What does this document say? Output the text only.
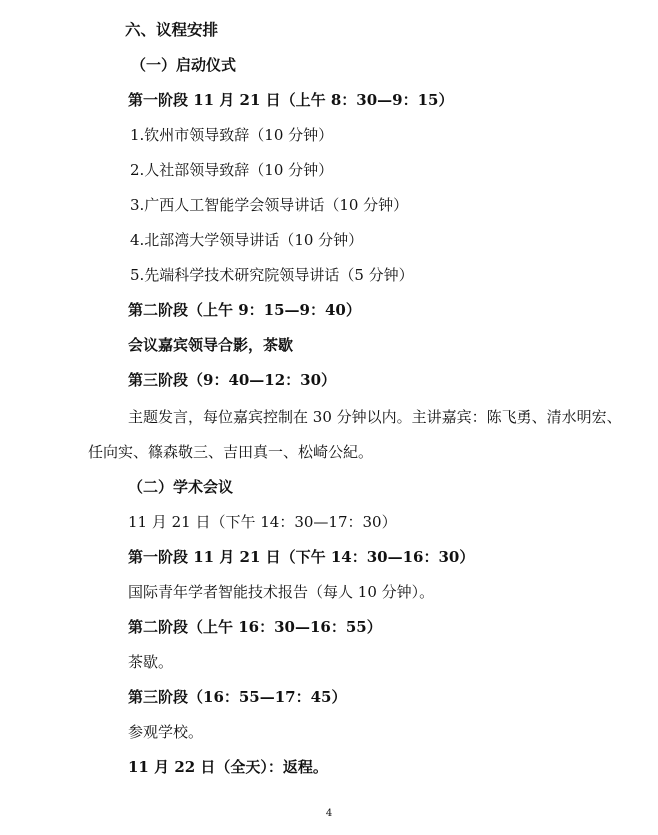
六、议程安排
（一）启动仪式
第一阶段 11 月 21 日（上午 8：30—9：15）
1.钦州市领导致辞（10 分钟）
2.人社部领导致辞（10 分钟）
3.广西人工智能学会领导讲话（10 分钟）
4.北部湾大学领导讲话（10 分钟）
5.先端科学技术研究院领导讲话（5 分钟）
第二阶段（上午 9：15—9：40）
会议嘉宾领导合影，茶歇
第三阶段（9：40—12：30）
主题发言，每位嘉宾控制在 30 分钟以内。主讲嘉宾：陈飞勇、清水明宏、
任向实、篠森敬三、吉田真一、松崎公紀。
（二）学术会议
11 月 21 日（下午 14：30—17：30）
第一阶段 11 月 21 日（下午 14：30—16：30）
国际青年学者智能技术报告（每人 10 分钟）。
第二阶段（上午 16：30—16：55）
茶歇。
第三阶段（16：55—17：45）
参观学校。
11 月 22 日（全天）：返程。
4
